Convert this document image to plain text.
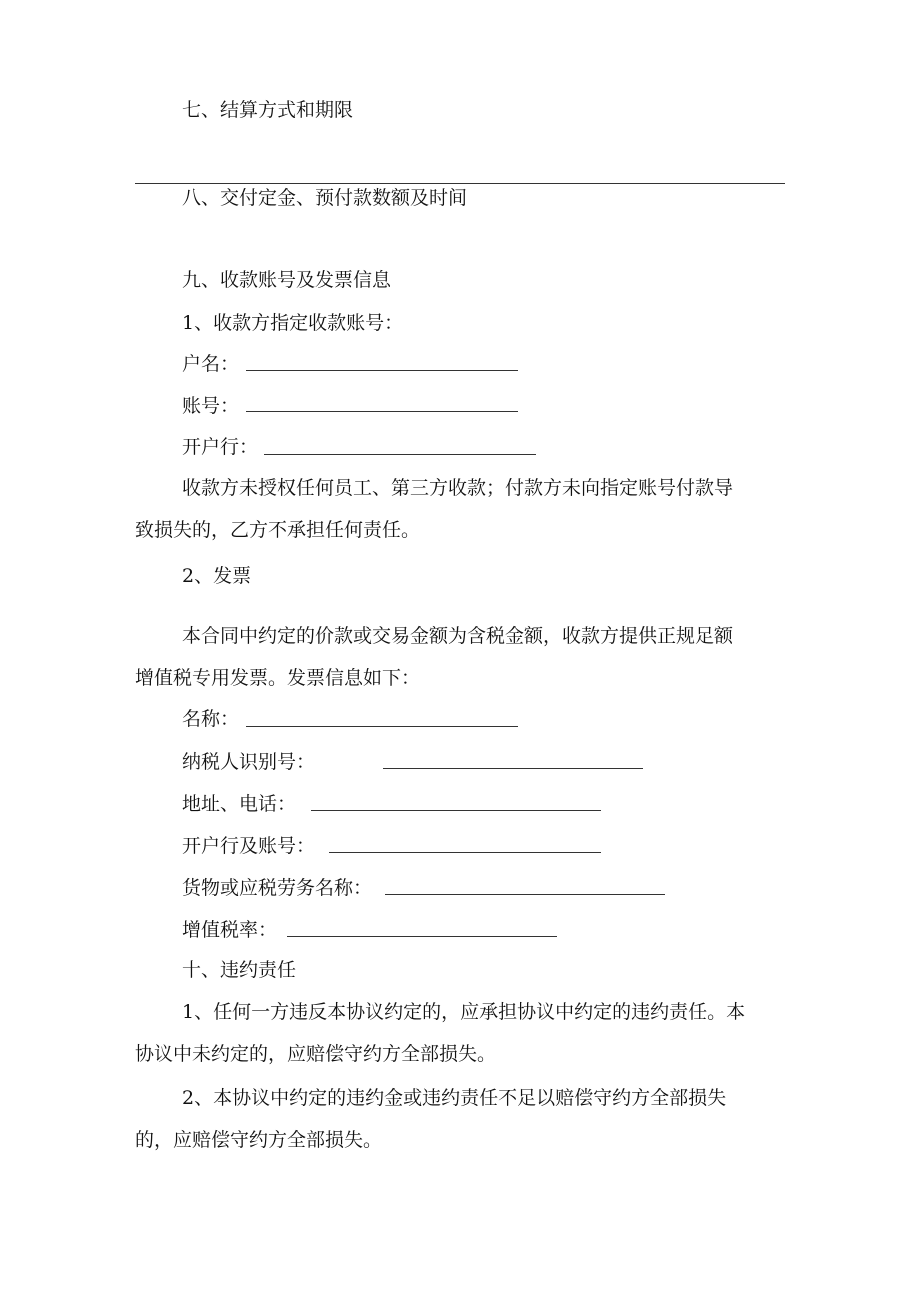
七、结算方式和期限
八、交付定金、预付款数额及时间
九、收款账号及发票信息
1、收款方指定收款账号：
户名：
账号：
开户行：
收款方未授权任何员工、第三方收款；付款方未向指定账号付款导
致损失的，乙方不承担任何责任。
2、发票
本合同中约定的价款或交易金额为含税金额，收款方提供正规足额
增值税专用发票。发票信息如下：
名称：
纳税人识别号：
地址、电话：
开户行及账号：
货物或应税劳务名称：
增值税率：
十、违约责任
1、任何一方违反本协议约定的，应承担协议中约定的违约责任。本
协议中未约定的，应赔偿守约方全部损失。
2、本协议中约定的违约金或违约责任不足以赔偿守约方全部损失
的，应赔偿守约方全部损失。
